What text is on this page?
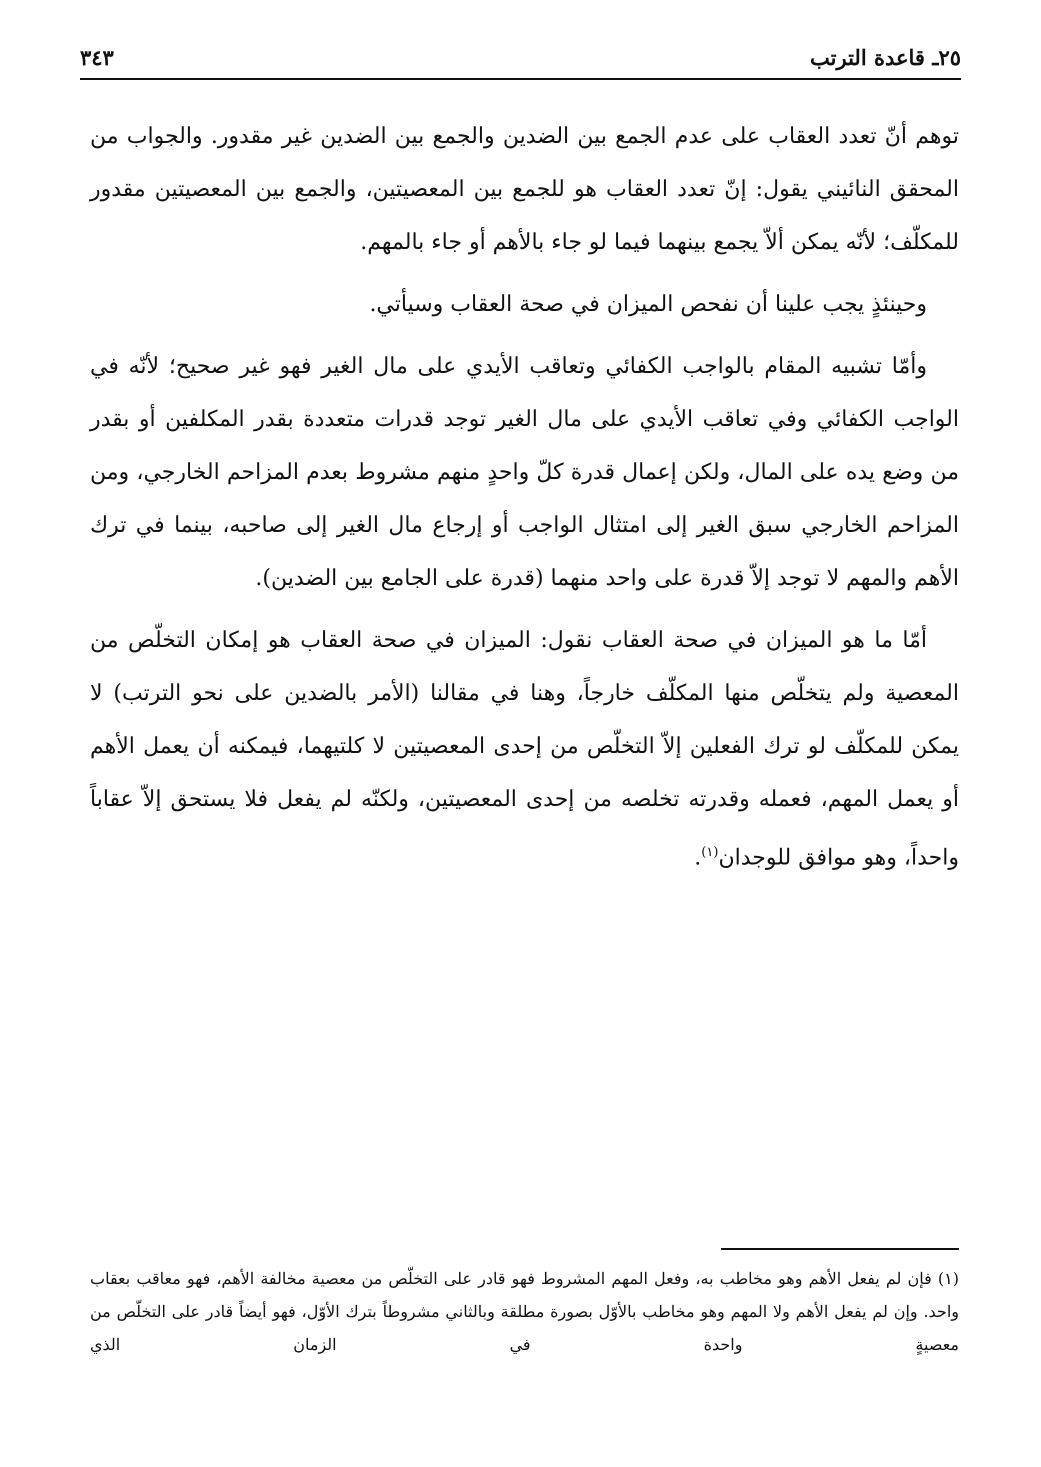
٢٥ـ قاعدة الترتب
٣٤٣

توهم أنّ تعدد العقاب على عدم الجمع بين الضدين والجمع بين الضدين غير مقدور. والجواب من المحقق النائيني يقول: إنّ تعدد العقاب هو للجمع بين المعصيتين، والجمع بين المعصيتين مقدور للمكلّف؛ لأنّه يمكن ألاّ يجمع بينهما فيما لو جاء بالأهم أو جاء بالمهم.

وحينئذٍ يجب علينا أن نفحص الميزان في صحة العقاب وسيأتي.

وأمّا تشبيه المقام بالواجب الكفائي وتعاقب الأيدي على مال الغير فهو غير صحيح؛ لأنّه في الواجب الكفائي وفي تعاقب الأيدي على مال الغير توجد قدرات متعددة بقدر المكلفين أو بقدر من وضع يده على المال، ولكن إعمال قدرة كلّ واحدٍ منهم مشروط بعدم المزاحم الخارجي، ومن المزاحم الخارجي سبق الغير إلى امتثال الواجب أو إرجاع مال الغير إلى صاحبه، بينما في ترك الأهم والمهم لا توجد إلاّ قدرة على واحد منهما (قدرة على الجامع بين الضدين).

أمّا ما هو الميزان في صحة العقاب نقول: الميزان في صحة العقاب هو إمكان التخلّص من المعصية ولم يتخلّص منها المكلّف خارجاً، وهنا في مقالنا (الأمر بالضدين على نحو الترتب) لا يمكن للمكلّف لو ترك الفعلين إلاّ التخلّص من إحدى المعصيتين لا كلتيهما، فيمكنه أن يعمل الأهم أو يعمل المهم، فعمله وقدرته تخلصه من إحدى المعصيتين، ولكنّه لم يفعل فلا يستحق إلاّ عقاباً واحداً، وهو موافق للوجدان$^{(١)}$.

(١) فإن لم يفعل الأهم وهو مخاطب به، وفعل المهم المشروط فهو قادر على التخلّص من معصية مخالفة الأهم، فهو معاقب بعقاب واحد. وإن لم يفعل الأهم ولا المهم وهو مخاطب بالأوّل بصورة مطلقة وبالثاني مشروطاً بترك الأوّل، فهو أيضاً قادر على التخلّص من معصيةٍ واحدة في الزمان الذي
